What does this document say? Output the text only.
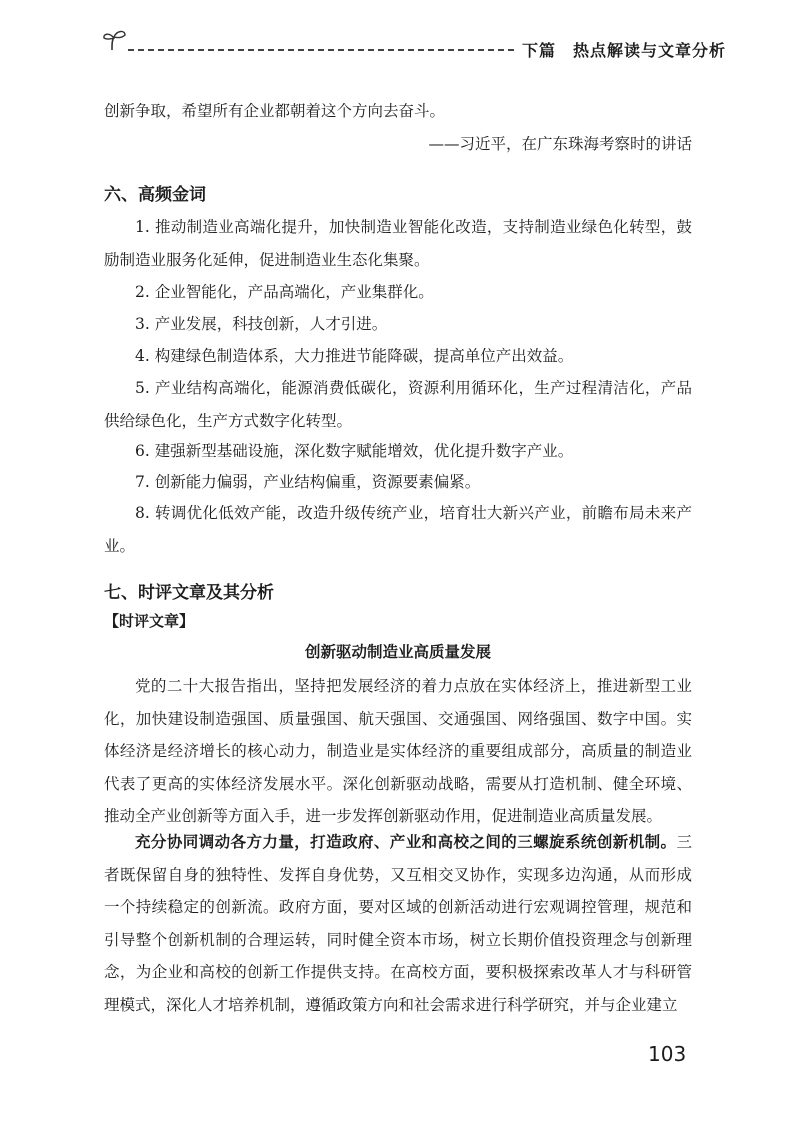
下篇　热点解读与文章分析
创新争取，希望所有企业都朝着这个方向去奋斗。
——习近平，在广东珠海考察时的讲话
六、高频金词
1. 推动制造业高端化提升，加快制造业智能化改造，支持制造业绿色化转型，鼓励制造业服务化延伸，促进制造业生态化集聚。
2. 企业智能化，产品高端化，产业集群化。
3. 产业发展，科技创新，人才引进。
4. 构建绿色制造体系，大力推进节能降碳，提高单位产出效益。
5. 产业结构高端化，能源消费低碳化，资源利用循环化，生产过程清洁化，产品供给绿色化，生产方式数字化转型。
6. 建强新型基础设施，深化数字赋能增效，优化提升数字产业。
7. 创新能力偏弱，产业结构偏重，资源要素偏紧。
8. 转调优化低效产能，改造升级传统产业，培育壮大新兴产业，前瞻布局未来产业。
七、时评文章及其分析
【时评文章】
创新驱动制造业高质量发展
党的二十大报告指出，坚持把发展经济的着力点放在实体经济上，推进新型工业化，加快建设制造强国、质量强国、航天强国、交通强国、网络强国、数字中国。实体经济是经济增长的核心动力，制造业是实体经济的重要组成部分，高质量的制造业代表了更高的实体经济发展水平。深化创新驱动战略，需要从打造机制、健全环境、推动全产业创新等方面入手，进一步发挥创新驱动作用，促进制造业高质量发展。
充分协同调动各方力量，打造政府、产业和高校之间的三螺旋系统创新机制。三者既保留自身的独特性、发挥自身优势，又互相交叉协作，实现多边沟通，从而形成一个持续稳定的创新流。政府方面，要对区域的创新活动进行宏观调控管理，规范和引导整个创新机制的合理运转，同时健全资本市场，树立长期价值投资理念与创新理念，为企业和高校的创新工作提供支持。在高校方面，要积极探索改革人才与科研管理模式，深化人才培养机制，遵循政策方向和社会需求进行科学研究，并与企业建立
103
